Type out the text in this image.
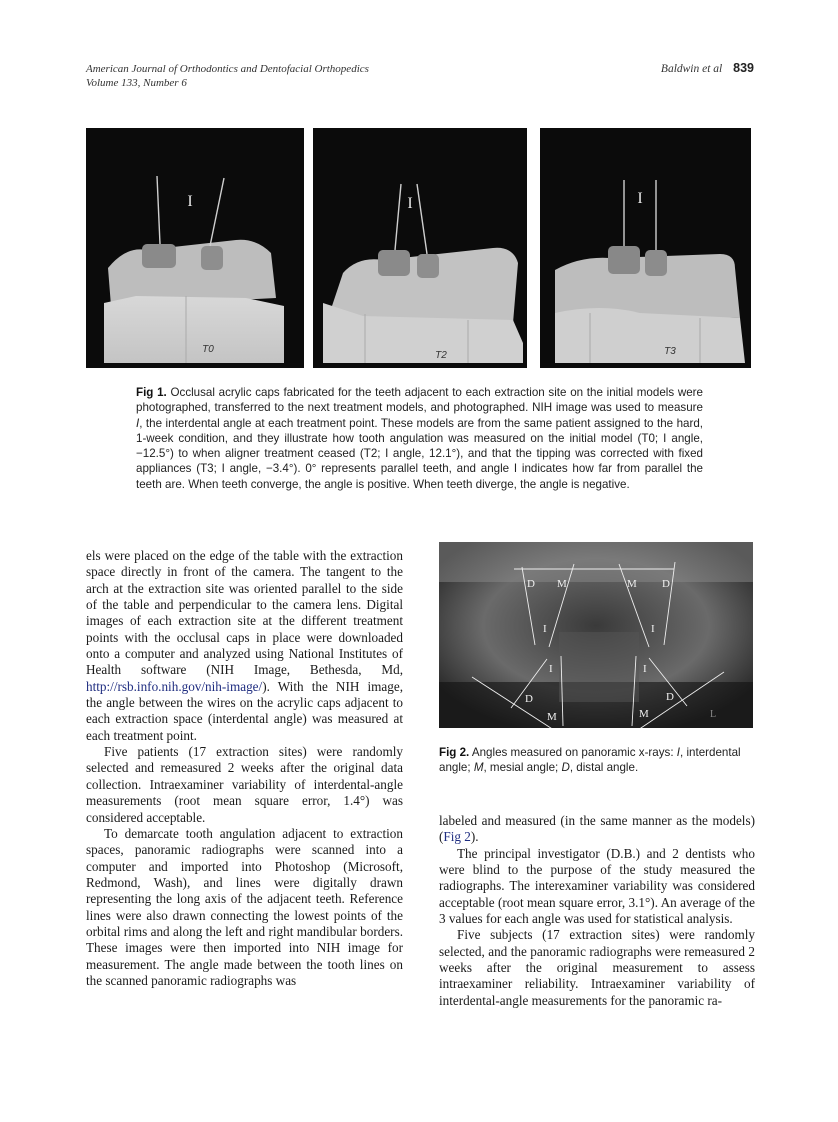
American Journal of Orthodontics and Dentofacial Orthopedics
Volume 133, Number 6
Baldwin et al 839
I
T0
I
T2
I
T3
Fig 1. Occlusal acrylic caps fabricated for the teeth adjacent to each extraction site on the initial models were photographed, transferred to the next treatment models, and photographed. NIH image was used to measure I, the interdental angle at each treatment point. These models are from the same patient assigned to the hard, 1-week condition, and they illustrate how tooth angulation was measured on the initial model (T0; I angle, −12.5°) to when aligner treatment ceased (T2; I angle, 12.1°), and that the tipping was corrected with fixed appliances (T3; I angle, −3.4°). 0° represents parallel teeth, and angle I indicates how far from parallel the teeth are. When teeth converge, the angle is positive. When teeth diverge, the angle is negative.

els were placed on the edge of the table with the extraction space directly in front of the camera. The tangent to the arch at the extraction site was oriented parallel to the side of the table and perpendicular to the camera lens. Digital images of each extraction site at the different treatment points with the occlusal caps in place were downloaded onto a computer and analyzed using National Institutes of Health software (NIH Image, Bethesda, Md, http://rsb.info.nih.gov/nih-image/). With the NIH image, the angle between the wires on the acrylic caps adjacent to each extraction space (interdental angle) was measured at each treatment point.

Five patients (17 extraction sites) were randomly selected and remeasured 2 weeks after the original data collection. Intraexaminer variability of interdental-angle measurements (root mean square error, 1.4°) was considered acceptable.

To demarcate tooth angulation adjacent to extraction spaces, panoramic radiographs were scanned into a computer and imported into Photoshop (Microsoft, Redmond, Wash), and lines were digitally drawn representing the long axis of the adjacent teeth. Reference lines were also drawn connecting the lowest points of the orbital rims and along the left and right mandibular borders. These images were then imported into NIH image for measurement. The angle made between the tooth lines on the scanned panoramic radiographs was

D M	M D
I	I
I	I
D	D
M	M	L
Fig 2. Angles measured on panoramic x-rays: I, interdental angle; M, mesial angle; D, distal angle.

labeled and measured (in the same manner as the models) (Fig 2).

The principal investigator (D.B.) and 2 dentists who were blind to the purpose of the study measured the radiographs. The interexaminer variability was considered acceptable (root mean square error, 3.1°). An average of the 3 values for each angle was used for statistical analysis.

Five subjects (17 extraction sites) were randomly selected, and the panoramic radiographs were remeasured 2 weeks after the original measurement to assess intraexaminer reliability. Intraexaminer variability of interdental-angle measurements for the panoramic ra-
